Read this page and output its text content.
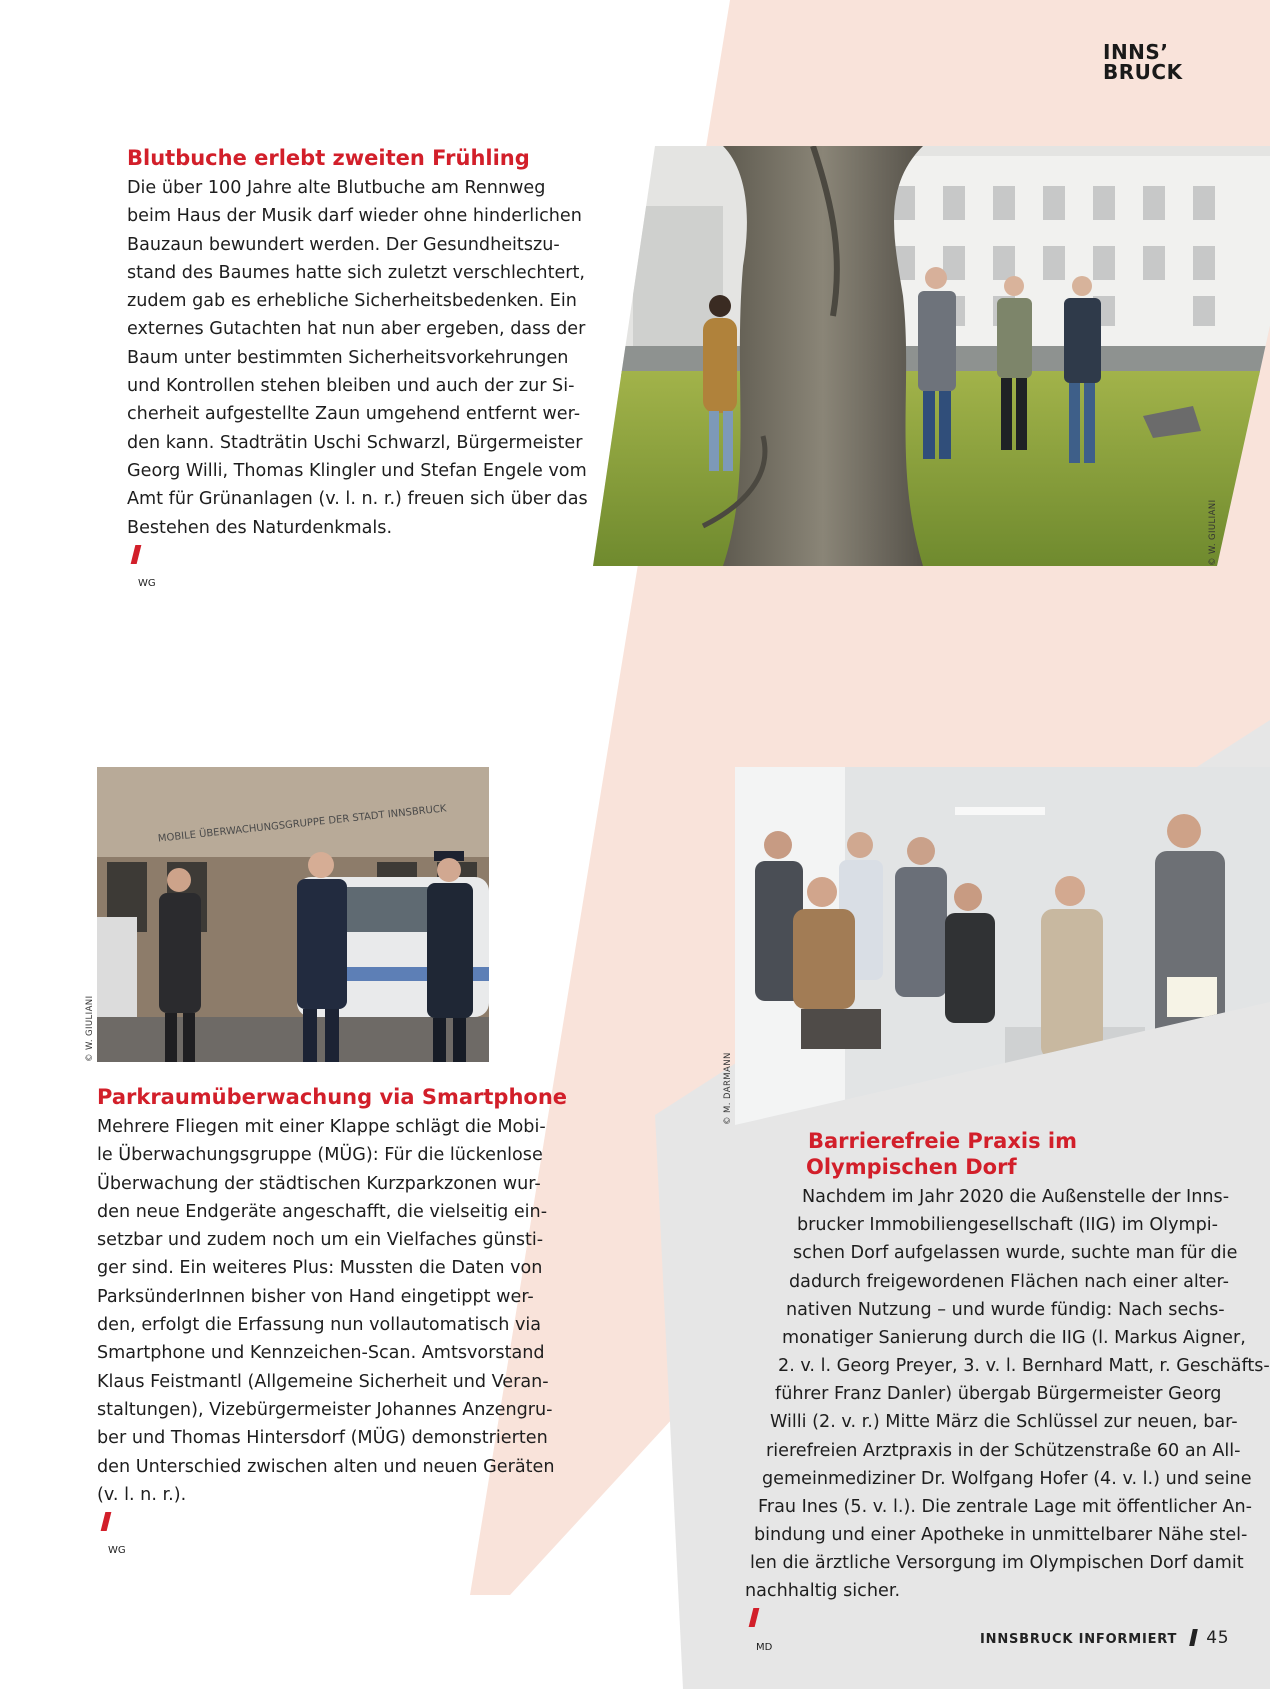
INNS’
BRUCK
© W. GIULIANI
Blutbuche erlebt zweiten Frühling

Die über 100 Jahre alte Blutbuche am Rennweg
beim Haus der Musik darf wieder ohne hinderlichen
Bauzaun bewundert werden. Der Gesundheitszu-
stand des Baumes hatte sich zuletzt verschlechtert,
zudem gab es erhebliche Sicherheitsbedenken. Ein
externes Gutachten hat nun aber ergeben, dass der
Baum unter bestimmten Sicherheitsvorkehrungen
und Kontrollen stehen bleiben und auch der zur Si-
cherheit aufgestellte Zaun umgehend entfernt wer-
den kann. Stadträtin Uschi Schwarzl, Bürgermeister
Georg Willi, Thomas Klingler und Stefan Engele vom
Amt für Grünanlagen (v. l. n. r.) freuen sich über das
Bestehen des Naturdenkmals.
WG

MOBILE ÜBERWACHUNGSGRUPPE DER STADT INNSBRUCK
© W. GIULIANI
Parkraumüberwachung via Smartphone

Mehrere Fliegen mit einer Klappe schlägt die Mobi-
le Überwachungsgruppe (MÜG): Für die lückenlose
Überwachung der städtischen Kurzparkzonen wur-
den neue Endgeräte angeschafft, die vielseitig ein-
setzbar und zudem noch um ein Vielfaches günsti-
ger sind. Ein weiteres Plus: Mussten die Daten von
ParksünderInnen bisher von Hand eingetippt wer-
den, erfolgt die Erfassung nun vollautomatisch via
Smartphone und Kennzeichen-Scan. Amtsvorstand
Klaus Feistmantl (Allgemeine Sicherheit und Veran-
staltungen), Vizebürgermeister Johannes Anzengru-
ber und Thomas Hintersdorf (MÜG) demonstrierten
den Unterschied zwischen alten und neuen Geräten
(v. l. n. r.).
WG

© M. DARMANN
Barrierefreie Praxis im
Olympischen Dorf

Nachdem im Jahr 2020 die Außenstelle der Inns-
brucker Immobiliengesellschaft (IIG) im Olympi-
schen Dorf aufgelassen wurde, suchte man für die
dadurch freigewordenen Flächen nach einer alter-
nativen Nutzung – und wurde fündig: Nach sechs-
monatiger Sanierung durch die IIG (l. Markus Aigner,
2. v. l. Georg Preyer, 3. v. l. Bernhard Matt, r. Geschäfts-
führer Franz Danler) übergab Bürgermeister Georg
Willi (2. v. r.) Mitte März die Schlüssel zur neuen, bar-
rierefreien Arztpraxis in der Schützenstraße 60 an All-
gemeinmediziner Dr. Wolfgang Hofer (4. v. l.) und seine
Frau Ines (5. v. l.). Die zentrale Lage mit öffentlicher An-
bindung und einer Apotheke in unmittelbarer Nähe stel-
len die ärztliche Versorgung im Olympischen Dorf damit
nachhaltig sicher.
MD

INNSBRUCK INFORMIERT 45
